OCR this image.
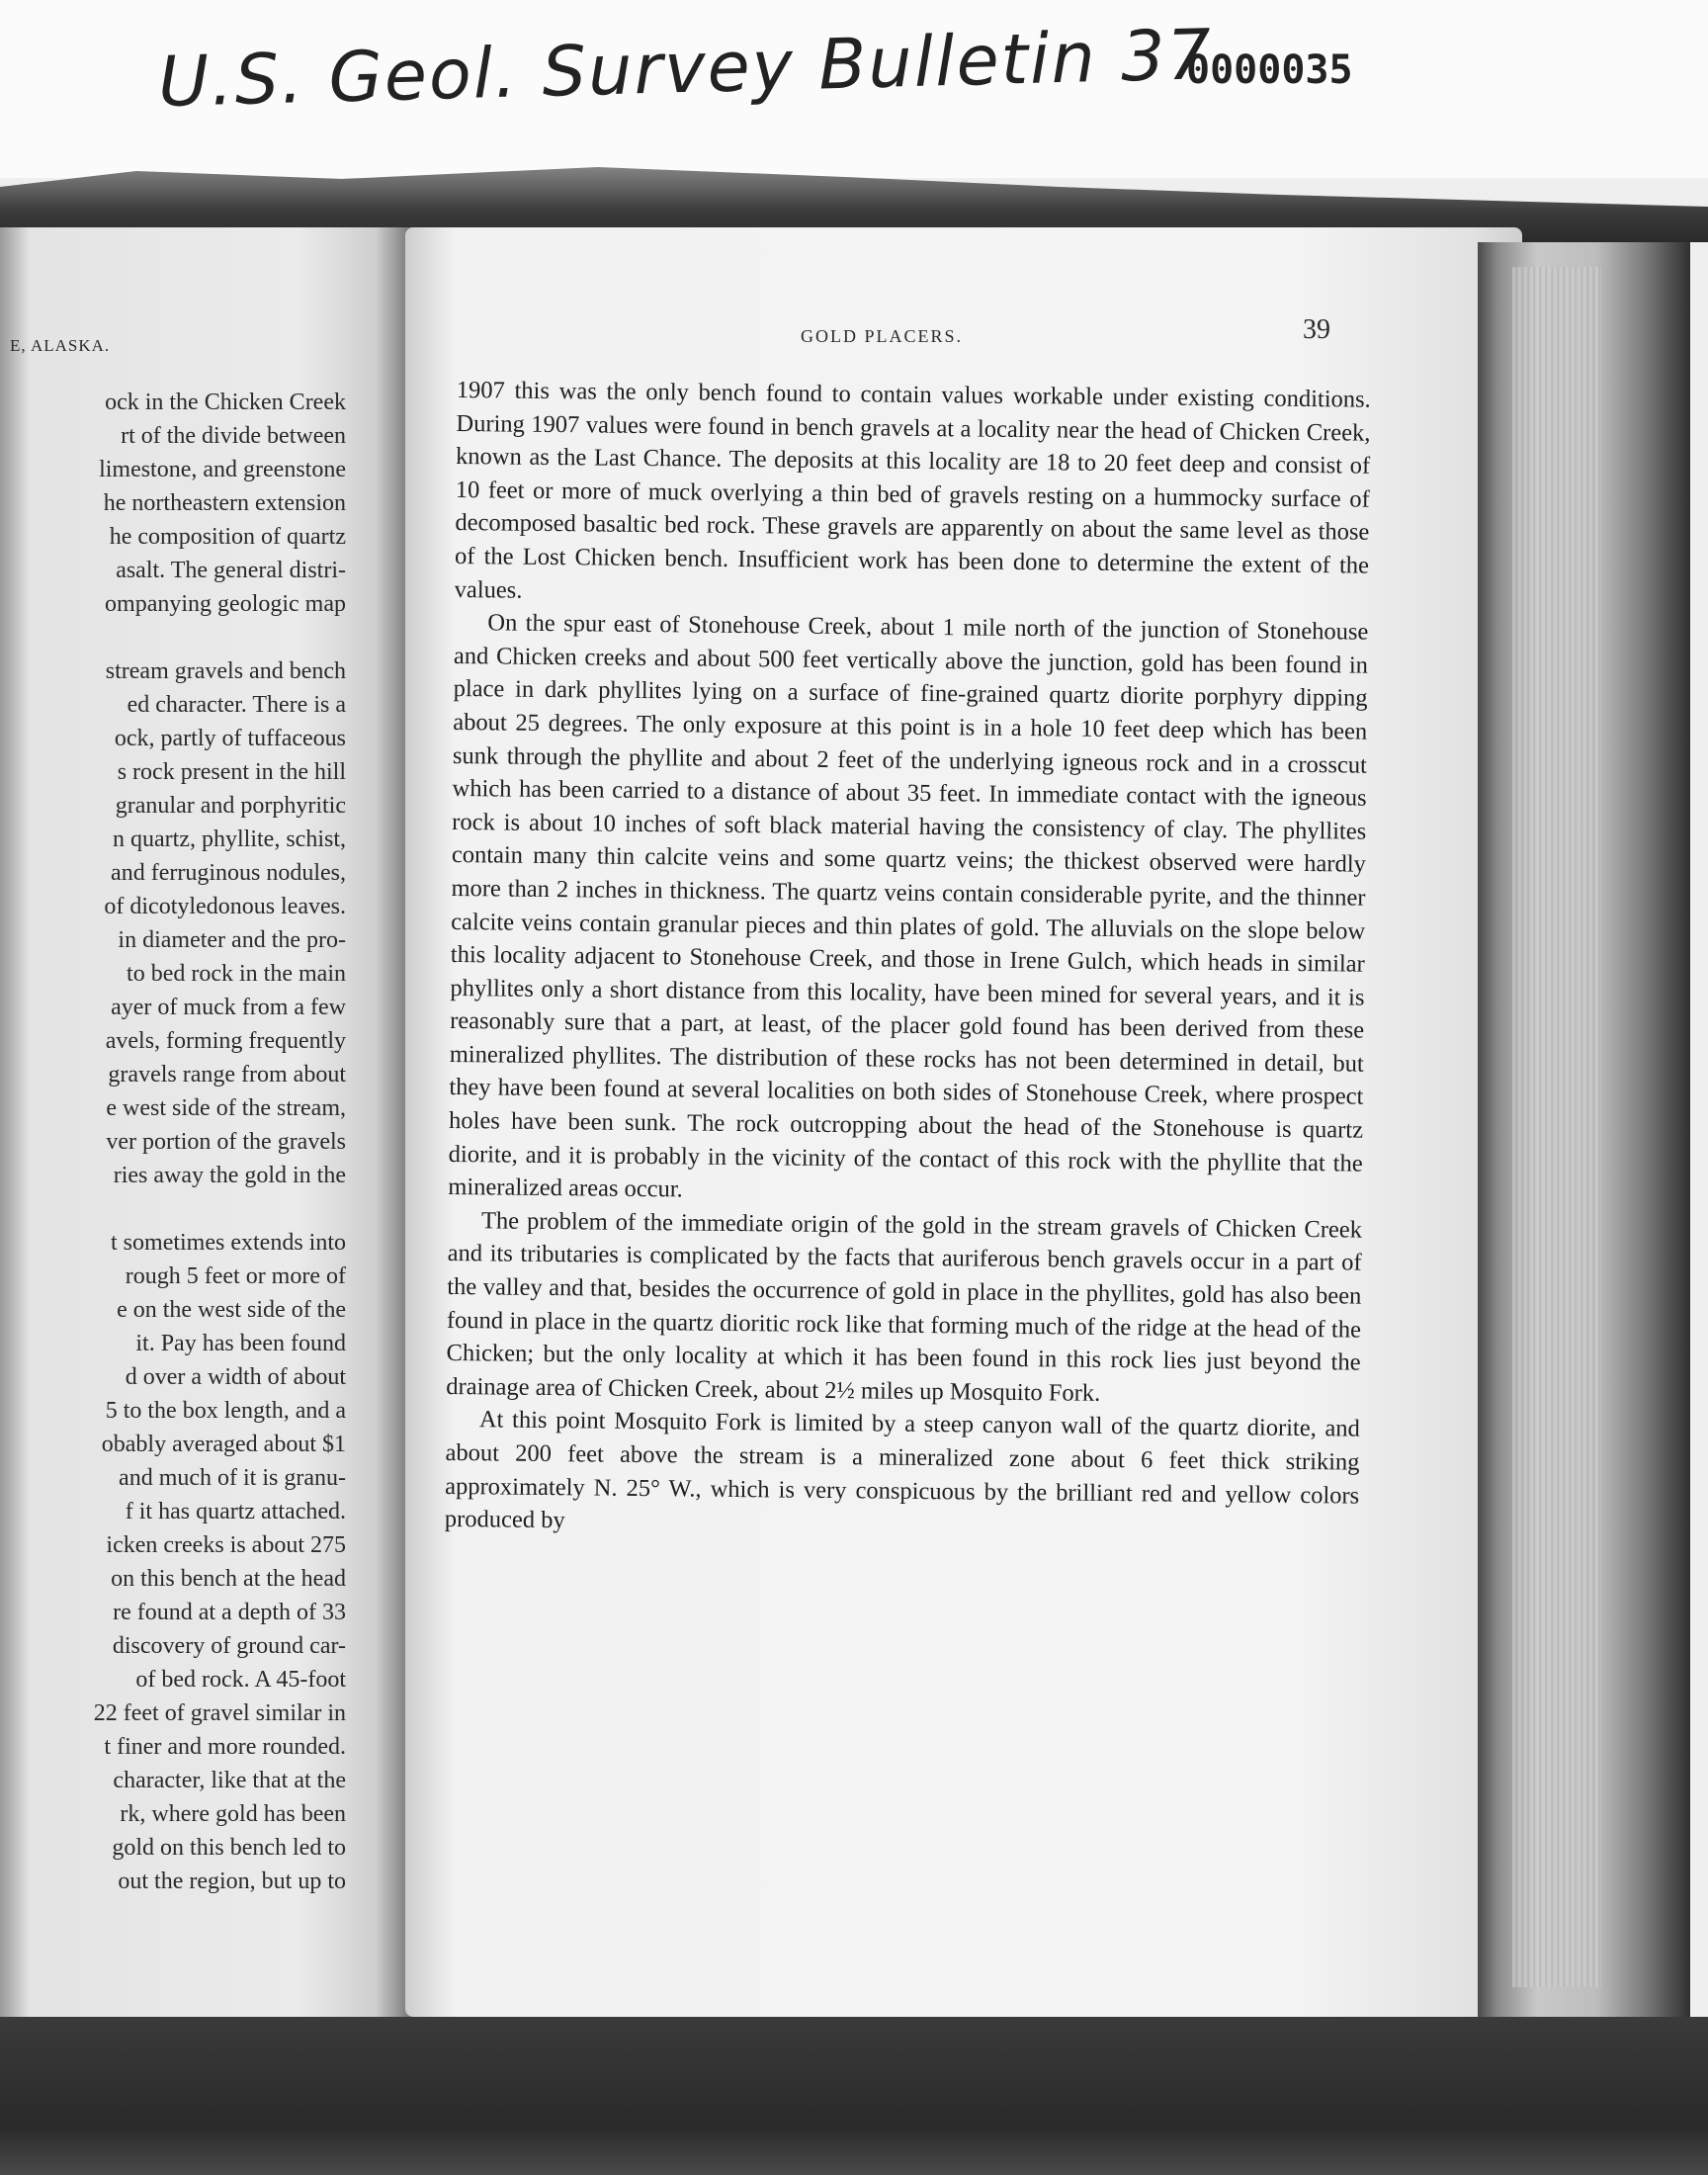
U.S. Geol. Survey Bulletin 37
0000035
E, ALASKA.
ock in the Chicken Creek
rt of the divide between
limestone, and greenstone
he northeastern extension
he composition of quartz
asalt. The general distri-
ompanying geologic map
stream gravels and bench
ed character. There is a
ock, partly of tuffaceous
s rock present in the hill
granular and porphyritic
n quartz, phyllite, schist,
and ferruginous nodules,
of dicotyledonous leaves.
in diameter and the pro-
to bed rock in the main
ayer of muck from a few
avels, forming frequently
gravels range from about
e west side of the stream,
ver portion of the gravels
ries away the gold in the
t sometimes extends into
rough 5 feet or more of
e on the west side of the
it. Pay has been found
d over a width of about
5 to the box length, and a
obably averaged about $1
and much of it is granu-
f it has quartz attached.
icken creeks is about 275
on this bench at the head
re found at a depth of 33
discovery of ground car-
of bed rock. A 45-foot
22 feet of gravel similar in
t finer and more rounded.
character, like that at the
rk, where gold has been
gold on this bench led to
out the region, but up to
GOLD PLACERS.	39

1907 this was the only bench found to contain values workable under existing conditions. During 1907 values were found in bench gravels at a locality near the head of Chicken Creek, known as the Last Chance. The deposits at this locality are 18 to 20 feet deep and consist of 10 feet or more of muck overlying a thin bed of gravels resting on a hummocky surface of decomposed basaltic bed rock. These gravels are apparently on about the same level as those of the Lost Chicken bench. Insufficient work has been done to determine the extent of the values.

On the spur east of Stonehouse Creek, about 1 mile north of the junction of Stonehouse and Chicken creeks and about 500 feet vertically above the junction, gold has been found in place in dark phyllites lying on a surface of fine-grained quartz diorite porphyry dipping about 25 degrees. The only exposure at this point is in a hole 10 feet deep which has been sunk through the phyllite and about 2 feet of the underlying igneous rock and in a crosscut which has been carried to a distance of about 35 feet. In immediate contact with the igneous rock is about 10 inches of soft black material having the consistency of clay. The phyllites contain many thin calcite veins and some quartz veins; the thickest observed were hardly more than 2 inches in thickness. The quartz veins contain considerable pyrite, and the thinner calcite veins contain granular pieces and thin plates of gold. The alluvials on the slope below this locality adjacent to Stonehouse Creek, and those in Irene Gulch, which heads in similar phyllites only a short distance from this locality, have been mined for several years, and it is reasonably sure that a part, at least, of the placer gold found has been derived from these mineralized phyllites. The distribution of these rocks has not been determined in detail, but they have been found at several localities on both sides of Stonehouse Creek, where prospect holes have been sunk. The rock outcropping about the head of the Stonehouse is quartz diorite, and it is probably in the vicinity of the contact of this rock with the phyllite that the mineralized areas occur.

The problem of the immediate origin of the gold in the stream gravels of Chicken Creek and its tributaries is complicated by the facts that auriferous bench gravels occur in a part of the valley and that, besides the occurrence of gold in place in the phyllites, gold has also been found in place in the quartz dioritic rock like that forming much of the ridge at the head of the Chicken; but the only locality at which it has been found in this rock lies just beyond the drainage area of Chicken Creek, about 2½ miles up Mosquito Fork.

At this point Mosquito Fork is limited by a steep canyon wall of the quartz diorite, and about 200 feet above the stream is a mineralized zone about 6 feet thick striking approximately N. 25° W., which is very conspicuous by the brilliant red and yellow colors produced by
